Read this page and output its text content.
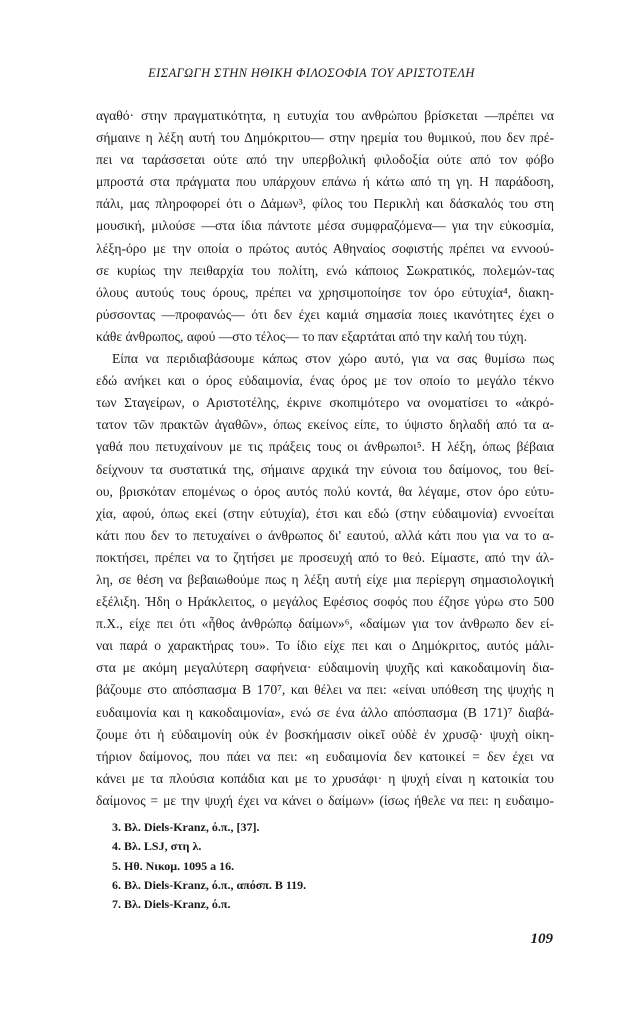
ΕΙΣΑΓΩΓΗ ΣΤΗΝ ΗΘΙΚΗ ΦΙΛΟΣΟΦΙΑ ΤΟΥ ΑΡΙΣΤΟΤΕΛΗ
αγαθό· στην πραγματικότητα, η ευτυχία του ανθρώπου βρίσκεται —πρέπει να
σήμαινε η λέξη αυτή του Δημόκριτου— στην ηρεμία του θυμικού, που δεν πρέ-
πει να ταράσσεται ούτε από την υπερβολική φιλοδοξία ούτε από τον φόβο
μπροστά στα πράγματα που υπάρχουν επάνω ή κάτω από τη γη. Η παράδοση,
πάλι, μας πληροφορεί ότι ο Δάμων³, φίλος του Περικλή και δάσκαλός του στη
μουσική, μιλούσε —στα ίδια πάντοτε μέσα συμφραζόμενα— για την εὐκοσμία,
λέξη-όρο με την οποία ο πρώτος αυτός Αθηναίος σοφιστής πρέπει να εννοού-
σε κυρίως την πειθαρχία του πολίτη, ενώ κάποιος Σωκρατικός, πολεμών-τας
όλους αυτούς τους όρους, πρέπει να χρησιμοποίησε τον όρο εὐτυχία⁴, διακη-
ρύσσοντας —προφανώς— ότι δεν έχει καμιά σημασία ποιες ικανότητες έχει ο
κάθε άνθρωπος, αφού —στο τέλος— το παν εξαρτάται από την καλή του τύχη.
Είπα να περιδιαβάσουμε κάπως στον χώρο αυτό, για να σας θυμίσω πως
εδώ ανήκει και ο όρος εὐδαιμονία, ένας όρος με τον οποίο το μεγάλο τέκνο
των Σταγείρων, ο Αριστοτέλης, έκρινε σκοπιμότερο να ονοματίσει το «ἀκρό-
τατον τῶν πρακτῶν ἀγαθῶν», όπως εκείνος είπε, το ύψιστο δηλαδή από τα α-
γαθά που πετυχαίνουν με τις πράξεις τους οι άνθρωποι⁵. Η λέξη, όπως βέβαια
δείχνουν τα συστατικά της, σήμαινε αρχικά την εύνοια του δαίμονος, του θεί-
ου, βρισκόταν επομένως ο όρος αυτός πολύ κοντά, θα λέγαμε, στον όρο εὐτυ-
χία, αφού, όπως εκεί (στην εὐτυχία), έτσι και εδώ (στην εὐδαιμονία) εννοείται
κάτι που δεν το πετυχαίνει ο άνθρωπος δι' εαυτού, αλλά κάτι που για να το α-
ποκτήσει, πρέπει να το ζητήσει με προσευχή από το θεό. Είμαστε, από την άλ-
λη, σε θέση να βεβαιωθούμε πως η λέξη αυτή είχε μια περίεργη σημασιολογική
εξέλιξη. Ήδη ο Ηράκλειτος, ο μεγάλος Εφέσιος σοφός που έζησε γύρω στο 500
π.Χ., είχε πει ότι «ἦθος ἀνθρώπῳ δαίμων»⁶, «δαίμων για τον άνθρωπο δεν εί-
ναι παρά ο χαρακτήρας του». Το ίδιο είχε πει και ο Δημόκριτος, αυτός μάλι-
στα με ακόμη μεγαλύτερη σαφήνεια· εὐδαιμονίη ψυχῆς καὶ κακοδαιμονίη δια-
βάζουμε στο απόσπασμα Β 170⁷, και θέλει να πει: «είναι υπόθεση της ψυχής η
ευδαιμονία και η κακοδαιμονία», ενώ σε ένα άλλο απόσπασμα (Β 171)⁷ διαβά-
ζουμε ότι ἡ εὐδαιμονίη οὐκ ἐν βοσκήμασιν οἰκεῖ οὐδὲ ἐν χρυσῷ· ψυχὴ οἰκη-
τήριον δαίμονος, που πάει να πει: «η ευδαιμονία δεν κατοικεί = δεν έχει να
κάνει με τα πλούσια κοπάδια και με το χρυσάφι· η ψυχή είναι η κατοικία του
δαίμονος = με την ψυχή έχει να κάνει ο δαίμων» (ίσως ήθελε να πει: η ευδαιμο-
3. Βλ. Diels-Kranz, ό.π., [37].
4. Βλ. LSJ, στη λ.
5. Ηθ. Νικομ. 1095 a 16.
6. Βλ. Diels-Kranz, ό.π., απόσπ. Β 119.
7. Βλ. Diels-Kranz, ό.π.
109
